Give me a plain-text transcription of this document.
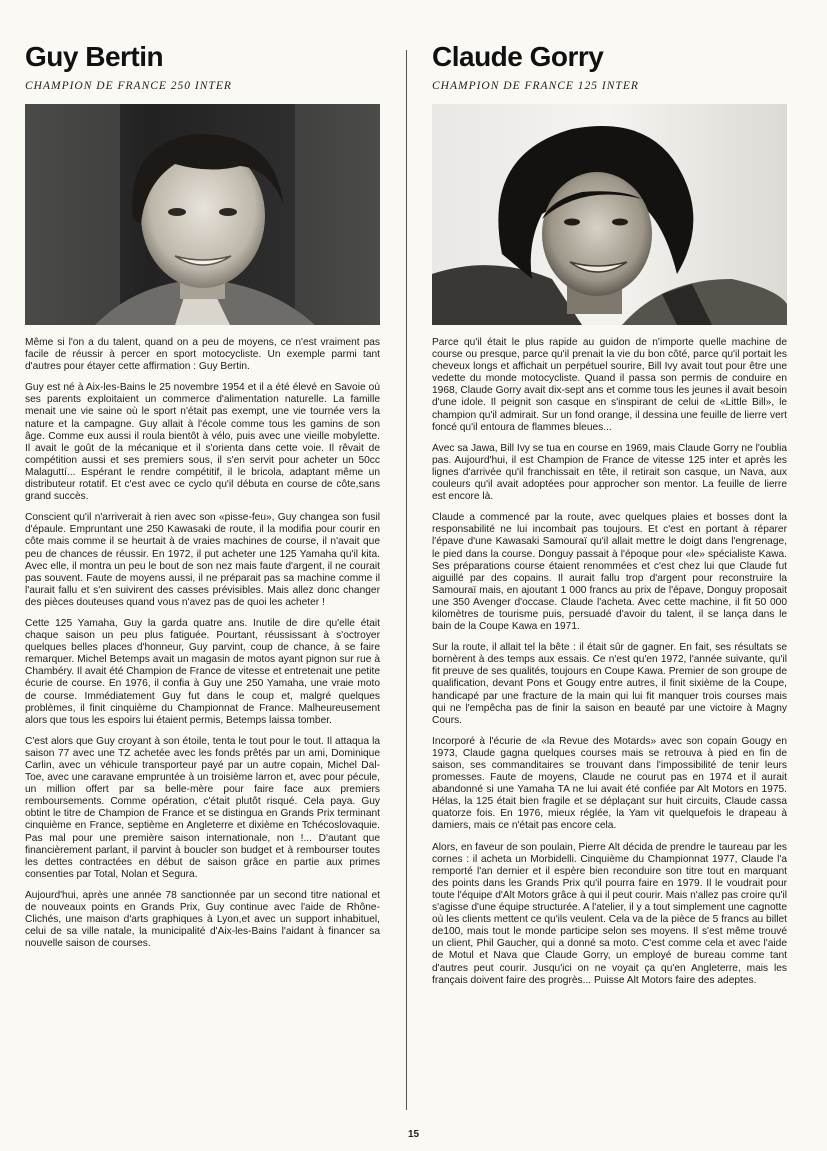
Guy Bertin
CHAMPION DE FRANCE 250 INTER

Même si l'on a du talent, quand on a peu de moyens, ce n'est vraiment pas facile de réussir à percer en sport motocycliste. Un exemple parmi tant d'autres pour étayer cette affirmation : Guy Bertin.

Guy est né à Aix-les-Bains le 25 novembre 1954 et il a été élevé en Savoie où ses parents exploitaient un commerce d'alimentation naturelle. La famille menait une vie saine où le sport n'était pas exempt, une vie tournée vers la nature et la campagne. Guy allait à l'école comme tous les gamins de son âge. Comme eux aussi il roula bientôt à vélo, puis avec une vieille mobylette. Il avait le goût de la mécanique et il s'orienta dans cette voie. Il rêvait de compétition aussi et ses premiers sous, il s'en servit pour acheter un 50cc Malaguttí... Espérant le rendre compétitif, il le bricola, adaptant même un distributeur rotatif. Et c'est avec ce cyclo qu'il débuta en course de côte,sans grand succès.

Conscient qu'il n'arriverait à rien avec son «pisse-feu», Guy changea son fusil d'épaule. Empruntant une 250 Kawasaki de route, il la modifia pour courir en côte mais comme il se heurtait à de vraies machines de course, il n'avait que peu de chances de réussir. En 1972, il put acheter une 125 Yamaha qu'il kita. Avec elle, il montra un peu le bout de son nez mais faute d'argent, il ne courait pas souvent. Faute de moyens aussi, il ne préparait pas sa machine comme il l'aurait fallu et s'en suivirent des casses prévisibles. Mais allez donc changer des pièces douteuses quand vous n'avez pas de quoi les acheter !

Cette 125 Yamaha, Guy la garda quatre ans. Inutile de dire qu'elle était chaque saison un peu plus fatiguée. Pourtant, réussissant à s'octroyer quelques belles places d'honneur, Guy parvint, coup de chance, à se faire remarquer. Michel Betemps avait un magasin de motos ayant pignon sur rue à Chambéry. Il avait été Champion de France de vitesse et entretenait une petite écurie de course. En 1976, il confia à Guy une 250 Yamaha, une vraie moto de course. Immédiatement Guy fut dans le coup et, malgré quelques problèmes, il finit cinquième du Championnat de France. Malheureusement alors que tous les espoirs lui étaient permis, Betemps laissa tomber.

C'est alors que Guy croyant à son étoile, tenta le tout pour le tout. Il attaqua la saison 77 avec une TZ achetée avec les fonds prêtés par un ami, Dominique Carlin, avec un véhicule transporteur payé par un autre copain, Michel Dal-Toe, avec une caravane empruntée à un troisième larron et, avec pour pécule, un million offert par sa belle-mère pour faire face aux premiers remboursements. Comme opération, c'était plutôt risqué. Cela paya. Guy obtint le titre de Champion de France et se distingua en Grands Prix terminant cinquième en France, septième en Angleterre et dixième en Tchécoslovaquie. Pas mal pour une première saison internationale, non !... D'autant que financièrement parlant, il parvint à boucler son budget et à rembourser toutes les dettes contractées en début de saison grâce en partie aux primes consenties par Total, Nolan et Segura.

Aujourd'hui, après une année 78 sanctionnée par un second titre national et de nouveaux points en Grands Prix, Guy continue avec l'aide de Rhône-Clichés, une maison d'arts graphiques à Lyon,et avec un support inhabituel, celui de sa ville natale, la municipalité d'Aix-les-Bains l'aidant à financer sa nouvelle saison de courses.

Claude Gorry
CHAMPION DE FRANCE 125 INTER

Parce qu'il était le plus rapide au guidon de n'importe quelle machine de course ou presque, parce qu'il prenait la vie du bon côté, parce qu'il portait les cheveux longs et affichait un perpétuel sourire, Bill Ivy avait tout pour être une vedette du monde motocycliste. Quand il passa son permis de conduire en 1968, Claude Gorry avait dix-sept ans et comme tous les jeunes il avait besoin d'une idole. Il peignit son casque en s'inspirant de celui de «Little Bill», le champion qu'il admirait. Sur un fond orange, il dessina une feuille de lierre vert foncé qu'il entoura de flammes bleues...

Avec sa Jawa, Bill Ivy se tua en course en 1969, mais Claude Gorry ne l'oublia pas. Aujourd'hui, il est Champion de France de vitesse 125 inter et après les lignes d'arrivée qu'il franchissait en tête, il retirait son casque, un Nava, aux couleurs qu'il avait adoptées pour approcher son mentor. La feuille de lierre est encore là.

Claude a commencé par la route, avec quelques plaies et bosses dont la responsabilité ne lui incombait pas toujours. Et c'est en portant à réparer l'épave d'une Kawasaki Samouraï qu'il allait mettre le doigt dans l'engrenage, le pied dans la course. Donguy passait à l'époque pour «le» spécialiste Kawa. Ses préparations course étaient renommées et c'est chez lui que Claude fut aiguillé par des copains. Il aurait fallu trop d'argent pour reconstruire la Samouraï mais, en ajoutant 1 000 francs au prix de l'épave, Donguy proposait une 350 Avenger d'occase. Claude l'acheta. Avec cette machine, il fit 50 000 kilomètres de tourisme puis, persuadé d'avoir du talent, il se lança dans le bain de la Coupe Kawa en 1971.

Sur la route, il allait tel la bête : il était sûr de gagner. En fait, ses résultats se bornèrent à des temps aux essais. Ce n'est qu'en 1972, l'année suivante, qu'il fit preuve de ses qualités, toujours en Coupe Kawa. Premier de son groupe de qualification, devant Pons et Gougy entre autres, il finit sixième de la Coupe, handicapé par une fracture de la main qui lui fit manquer trois courses mais qui ne l'empêcha pas de finir la saison en beauté par une victoire à Magny Cours.

Incorporé à l'écurie de «la Revue des Motards» avec son copain Gougy en 1973, Claude gagna quelques courses mais se retrouva à pied en fin de saison, ses commanditaires se trouvant dans l'impossibilité de tenir leurs promesses. Faute de moyens, Claude ne courut pas en 1974 et il aurait abandonné si une Yamaha TA ne lui avait été confiée par Alt Motors en 1975. Hélas, la 125 était bien fragile et se déplaçant sur huit circuits, Claude cassa quatorze fois. En 1976, mieux réglée, la Yam vit quelquefois le drapeau à damiers, mais ce n'était pas encore cela.

Alors, en faveur de son poulain, Pierre Alt décida de prendre le taureau par les cornes : il acheta un Morbidelli. Cinquième du Championnat 1977, Claude l'a remporté l'an dernier et il espère bien reconduire son titre tout en marquant des points dans les Grands Prix qu'il pourra faire en 1979. Il le voudrait pour toute l'équipe d'Alt Motors grâce à qui il peut courir. Mais n'allez pas croire qu'il s'agisse d'une équipe structurée. A l'atelier, il y a tout simplement une cagnotte où les clients mettent ce qu'ils veulent. Cela va de la pièce de 5 francs au billet de100, mais tout le monde participe selon ses moyens. Il s'est même trouvé un client, Phil Gaucher, qui a donné sa moto. C'est comme cela et avec l'aide de Motul et Nava que Claude Gorry, un employé de bureau comme tant d'autres peut courir. Jusqu'ici on ne voyait ça qu'en Angleterre, mais les français doivent faire des progrès... Puisse Alt Motors faire des adeptes.

15
